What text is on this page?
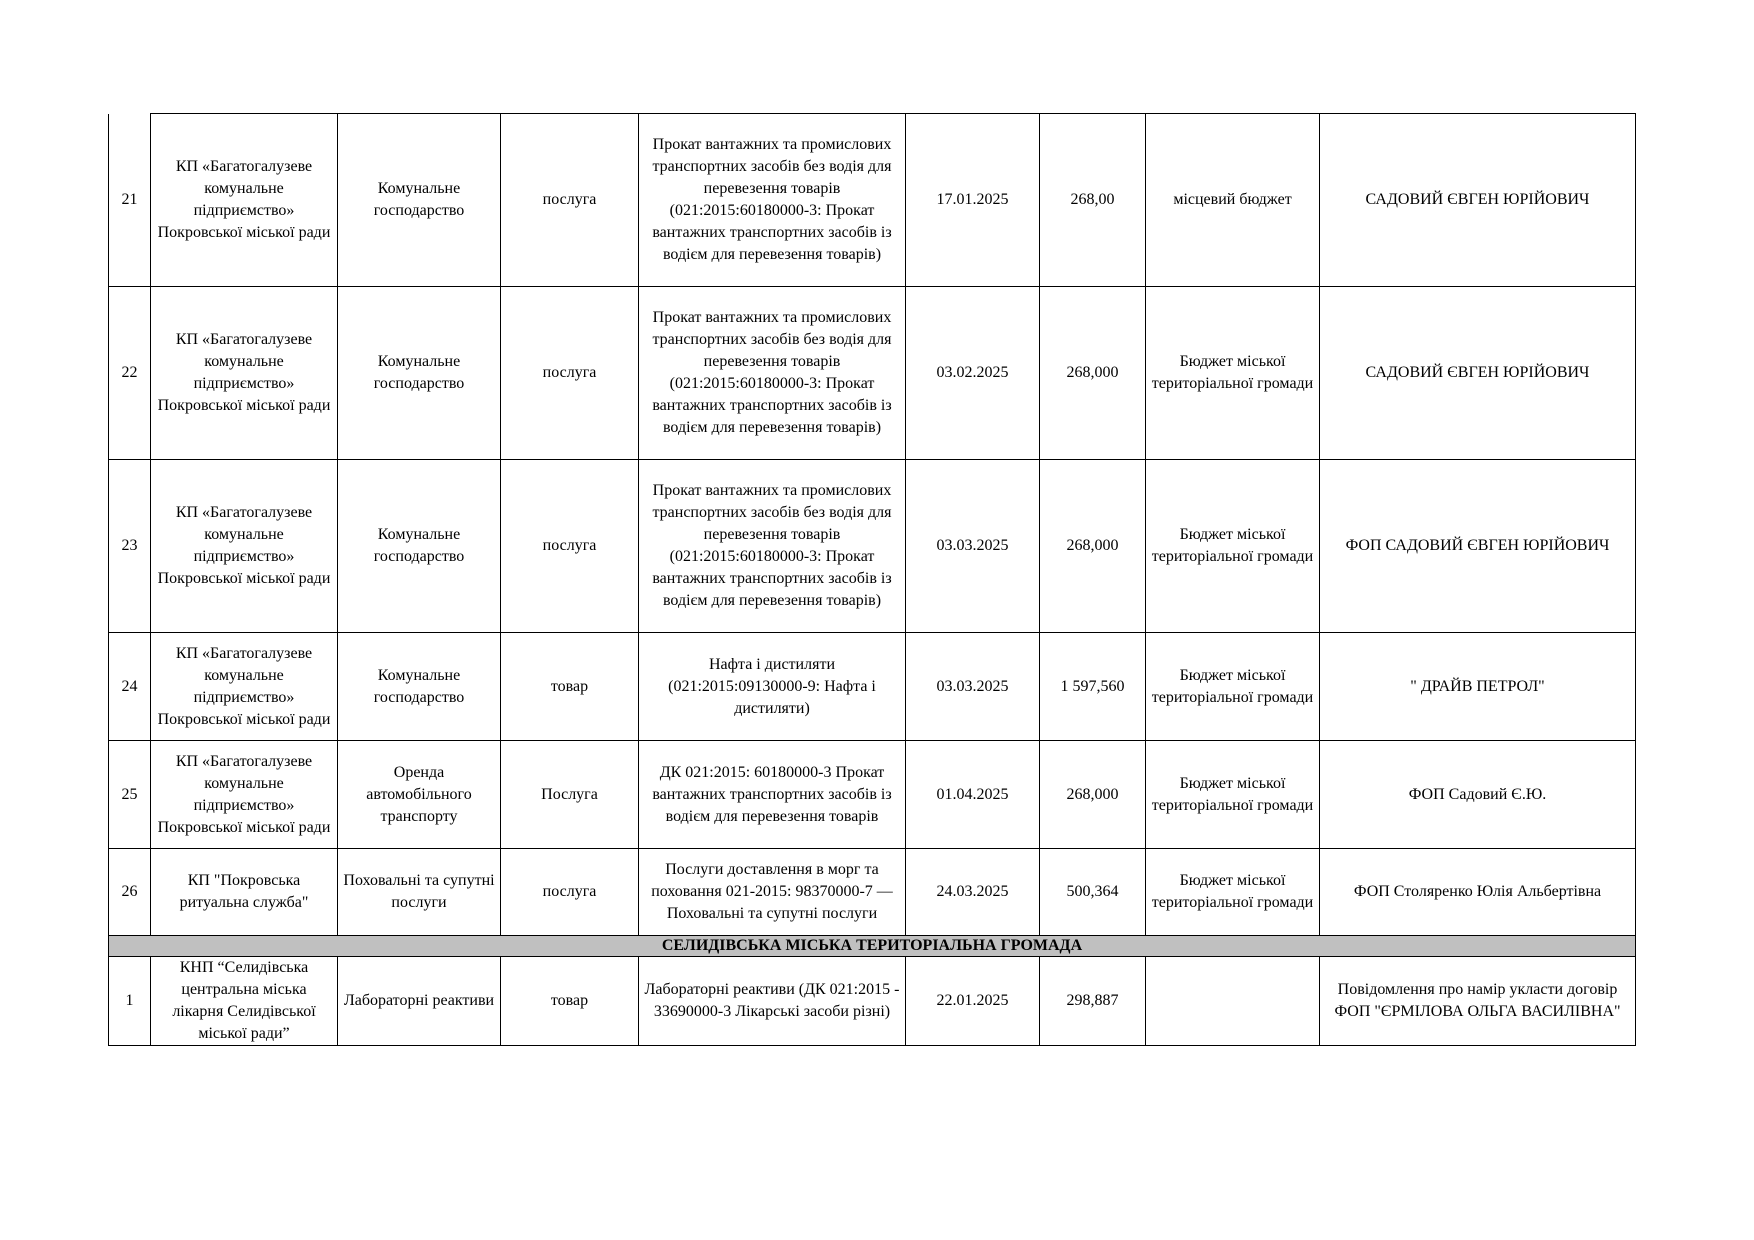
21	КП «Багатогалузеве комунальне підприємство» Покровської міської ради	Комунальне господарство	послуга	Прокат вантажних та промислових транспортних засобів без водія для перевезення товарів (021:2015:60180000-3: Прокат вантажних транспортних засобів із водієм для перевезення товарів)	17.01.2025	268,00	місцевий бюджет	САДОВИЙ ЄВГЕН ЮРІЙОВИЧ
22	КП «Багатогалузеве комунальне підприємство» Покровської міської ради	Комунальне господарство	послуга	Прокат вантажних та промислових транспортних засобів без водія для перевезення товарів (021:2015:60180000-3: Прокат вантажних транспортних засобів із водієм для перевезення товарів)	03.02.2025	268,000	Бюджет міської територіальної громади	САДОВИЙ ЄВГЕН ЮРІЙОВИЧ
23	КП «Багатогалузеве комунальне підприємство» Покровської міської ради	Комунальне господарство	послуга	Прокат вантажних та промислових транспортних засобів без водія для перевезення товарів (021:2015:60180000-3: Прокат вантажних транспортних засобів із водієм для перевезення товарів)	03.03.2025	268,000	Бюджет міської територіальної громади	ФОП САДОВИЙ ЄВГЕН ЮРІЙОВИЧ
24	КП «Багатогалузеве комунальне підприємство» Покровської міської ради	Комунальне господарство	товар	Нафта і дистиляти (021:2015:09130000-9: Нафта і дистиляти)	03.03.2025	1 597,560	Бюджет міської територіальної громади	" ДРАЙВ ПЕТРОЛ"
25	КП «Багатогалузеве комунальне підприємство» Покровської міської ради	Оренда автомобільного транспорту	Послуга	ДК 021:2015: 60180000-3 Прокат вантажних транспортних засобів із водієм для перевезення товарів	01.04.2025	268,000	Бюджет міської територіальної громади	ФОП Садовий Є.Ю.
26	КП "Покровська ритуальна служба"	Поховальні та супутні послуги	послуга	Послуги доставлення в морг та поховання 021-2015: 98370000-7 — Поховальні та супутні послуги	24.03.2025	500,364	Бюджет міської територіальної громади	ФОП Столяренко Юлія Альбертівна
СЕЛИДІВСЬКА МІСЬКА ТЕРИТОРІАЛЬНА ГРОМАДА								
1	КНП “Селидівська центральна міська лікарня Селидівської міської ради”	Лабораторні реактиви	товар	Лабораторні реактиви (ДК 021:2015 - 33690000-3 Лікарські засоби різні)	22.01.2025	298,887		Повідомлення про намір укласти договір ФОП "ЄРМІЛОВА ОЛЬГА ВАСИЛІВНА"
